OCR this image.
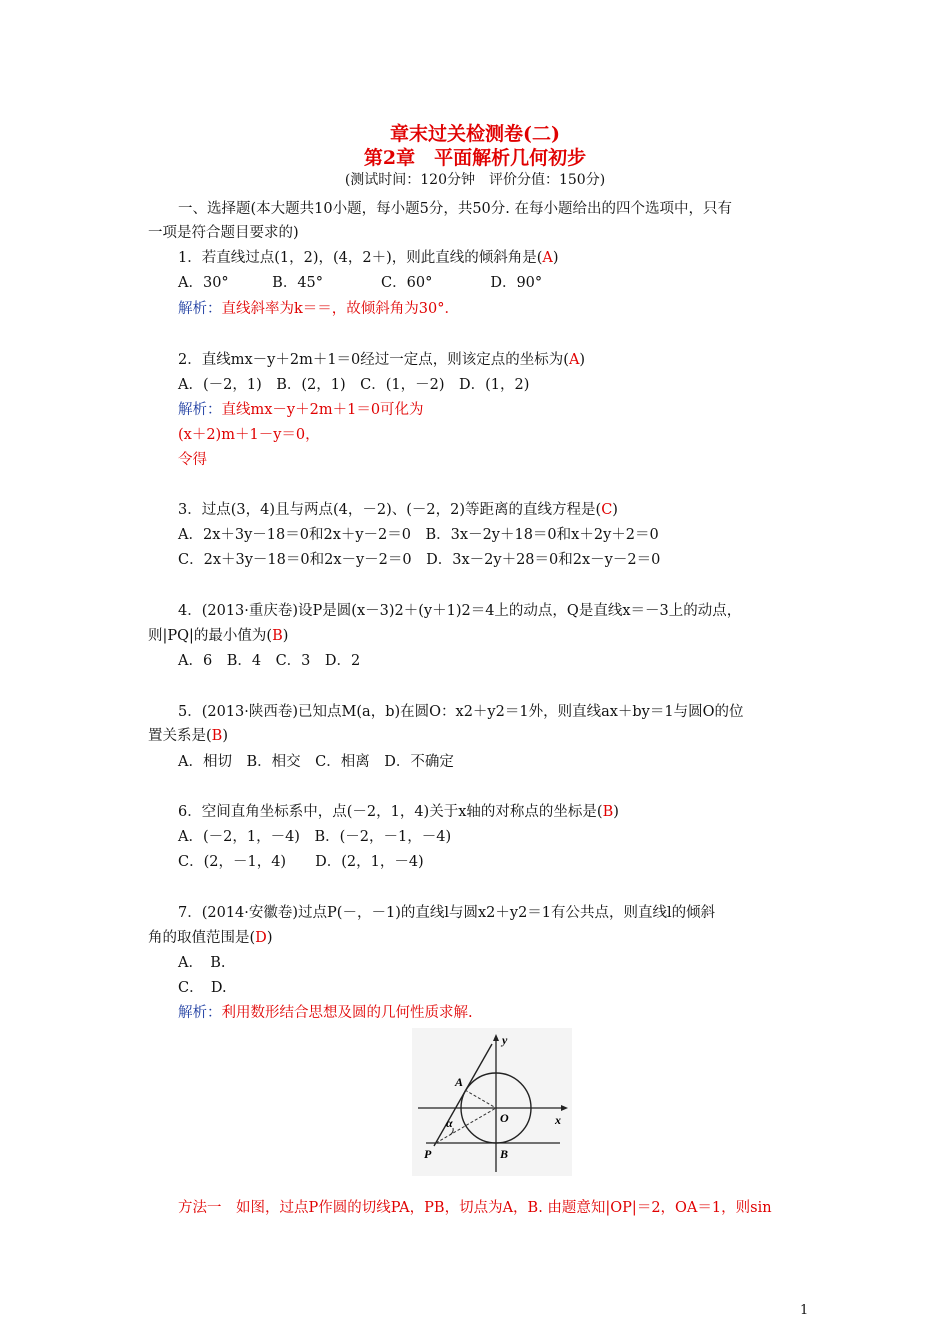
章末过关检测卷(二)
第2章　平面解析几何初步
(测试时间：120分钟　评价分值：150分)
一、选择题(本大题共10小题，每小题5分，共50分. 在每小题给出的四个选项中，只有
一项是符合题目要求的)
1．若直线过点(1，2)，(4，2＋)，则此直线的倾斜角是(A)
A．30°　　　B．45°　　　　C．60°　　　　D．90°
解析：直线斜率为k＝＝，故倾斜角为30°．
2．直线mx－y＋2m＋1＝0经过一定点，则该定点的坐标为(A)
A．(－2，1)　B．(2，1)　C．(1，－2)　D．(1，2)
解析：直线mx－y＋2m＋1＝0可化为
(x＋2)m＋1－y＝0，
令得
3．过点(3，4)且与两点(4，－2)、(－2，2)等距离的直线方程是(C)
A．2x＋3y－18＝0和2x＋y－2＝0　B．3x－2y＋18＝0和x＋2y＋2＝0
C．2x＋3y－18＝0和2x－y－2＝0　D．3x－2y＋28＝0和2x－y－2＝0
4．(2013·重庆卷)设P是圆(x－3)2＋(y＋1)2＝4上的动点，Q是直线x＝－3上的动点，
则|PQ|的最小值为(B)
A．6　B．4　C．3　D．2
5．(2013·陕西卷)已知点M(a，b)在圆O：x2＋y2＝1外，则直线ax＋by＝1与圆O的位
置关系是(B)
A．相切　B．相交　C．相离　D．不确定
6．空间直角坐标系中，点(－2，1，4)关于x轴的对称点的坐标是(B)
A．(－2，1，－4)　B．(－2，－1，－4)
C．(2，－1，4)　　D．(2，1，－4)
7．(2014·安徽卷)过点P(－，－1)的直线l与圆x2＋y2＝1有公共点，则直线l的倾斜
角的取值范围是(D)
A．　B.
C．　D.
解析：利用数形结合思想及圆的几何性质求解.
y
x
A
O
α
P	B
方法一　如图，过点P作圆的切线PA，PB，切点为A，B. 由题意知|OP|＝2，OA＝1，则sin
1
